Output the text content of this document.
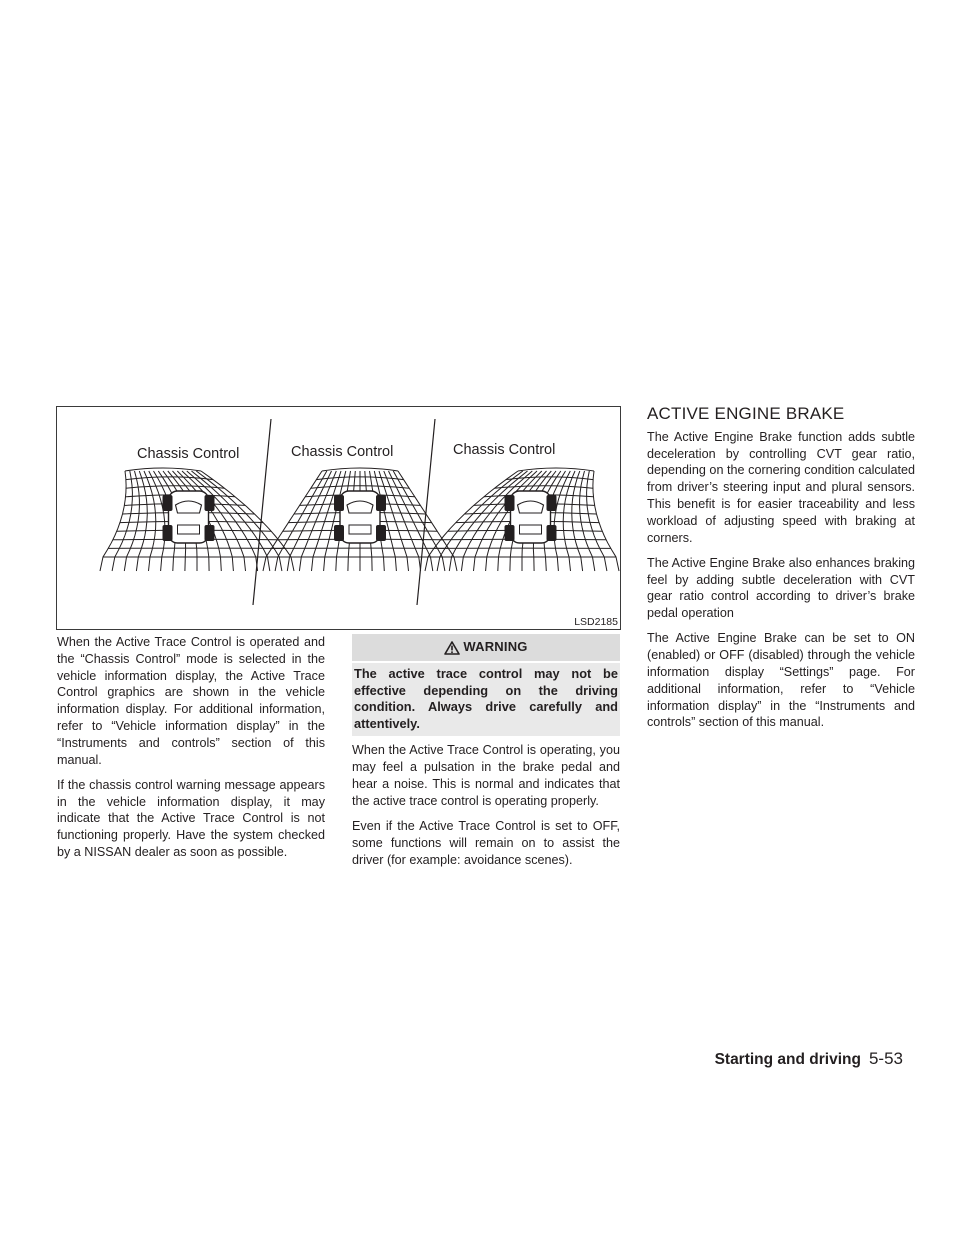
Chassis Control	Chassis Control	Chassis Control
LSD2185

When the Active Trace Control is operated and the “Chassis Control” mode is selected in the vehicle information display, the Active Trace Control graphics are shown in the vehicle information display. For additional information, refer to “Vehicle information display” in the “Instruments and controls” section of this manual.

If the chassis control warning message appears in the vehicle information display, it may indicate that the Active Trace Control is not functioning properly. Have the system checked by a NISSAN dealer as soon as possible.

WARNING

The active trace control may not be effective depending on the driving condition. Always drive carefully and attentively.

When the Active Trace Control is operating, you may feel a pulsation in the brake pedal and hear a noise. This is normal and indicates that the active trace control is operating properly.

Even if the Active Trace Control is set to OFF, some functions will remain on to assist the driver (for example: avoidance scenes).

ACTIVE ENGINE BRAKE

The Active Engine Brake function adds subtle deceleration by controlling CVT gear ratio, depending on the cornering condition calculated from driver’s steering input and plural sensors. This benefit is for easier traceability and less workload of adjusting speed with braking at corners.

The Active Engine Brake also enhances braking feel by adding subtle deceleration with CVT gear ratio control according to driver’s brake pedal operation

The Active Engine Brake can be set to ON (enabled) or OFF (disabled) through the vehicle information display “Settings” page. For additional information, refer to “Vehicle information display” in the “Instruments and controls” section of this manual.

Starting and driving 5-53
